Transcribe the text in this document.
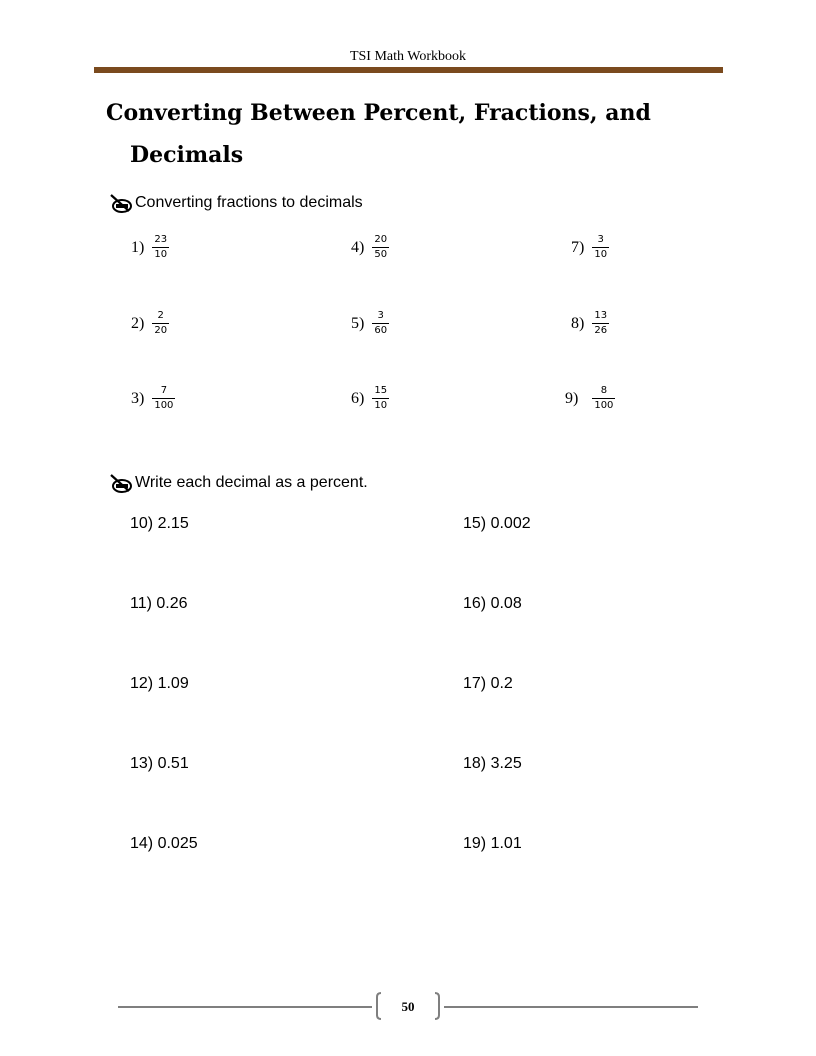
TSI Math Workbook
Converting Between Percent, Fractions, and
Decimals
Converting fractions to decimals
$1) \frac{23}{10}$	$4) \frac{20}{50}$	$7) \frac{3}{10}$
$2) \frac{2}{20}$	$5) \frac{3}{60}$	$8) \frac{13}{26}$
$3) \frac{7}{100}$	$6) \frac{15}{10}$	$9) \frac{8}{100}$
Write each decimal as a percent.
10) 2.15	15) 0.002
11) 0.26	16) 0.08
12) 1.09	17) 0.2
13) 0.51	18) 3.25
14) 0.025	19) 1.01
50
